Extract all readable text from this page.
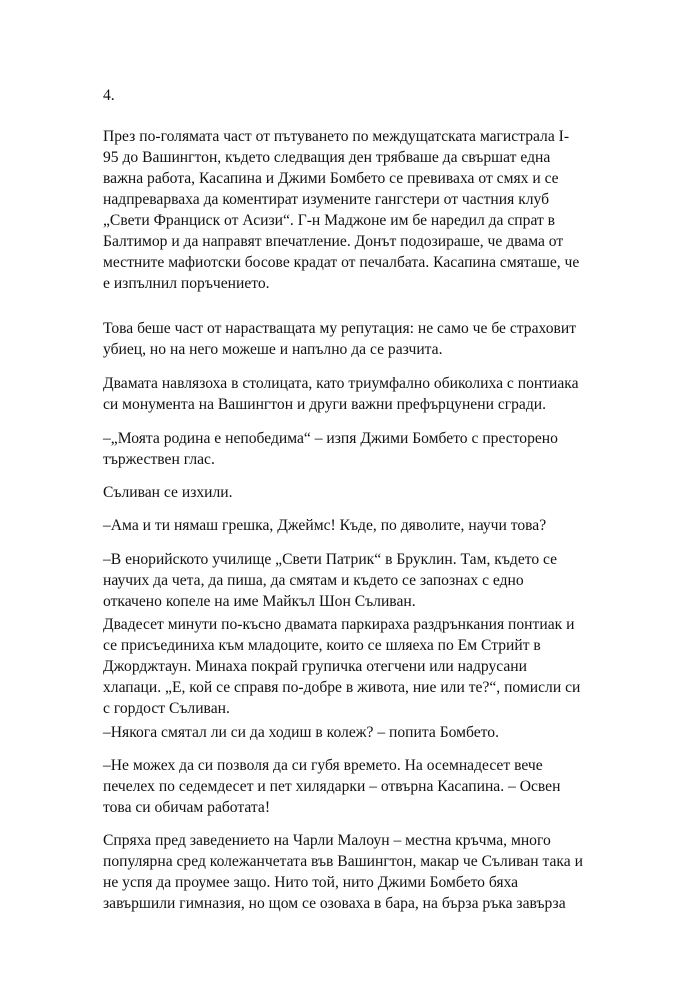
4.
През по-голямата част от пътуването по междущатската магистрала I-
95 до Вашингтон, където следващия ден трябваше да свършат една
важна работа, Касапина и Джими Бомбето се превиваха от смях и се
надпреварваха да коментират изумените гангстери от частния клуб
„Свети Франциск от Асизи“. Г-н Маджоне им бе наредил да спрат в
Балтимор и да направят впечатление. Донът подозираше, че двама от
местните мафиотски босове крадат от печалбата. Касапина смяташе, че
е изпълнил поръчението.
Това беше част от нарастващата му репутация: не само че бе страховит
убиец, но на него можеше и напълно да се разчита.
Двамата навлязоха в столицата, като триумфално обиколиха с понтиака
си монумента на Вашингтон и други важни префърцунени сгради.
–„Моята родина е непобедима“ – изпя Джими Бомбето с престорено
тържествен глас.
Съливан се изхили.
–Ама и ти нямаш грешка, Джеймс! Къде, по дяволите, научи това?
–В енорийското училище „Свети Патрик“ в Бруклин. Там, където се
научих да чета, да пиша, да смятам и където се запознах с едно
откачено копеле на име Майкъл Шон Съливан.
Двадесет минути по-късно двамата паркираха раздрънкания понтиак и
се присъединиха към младоците, които се шляеха по Ем Стрийт в
Джорджтаун. Минаха покрай групичка отегчени или надрусани
хлапаци. „Е, кой се справя по-добре в живота, ние или те?“, помисли си
с гордост Съливан.
–Някога смятал ли си да ходиш в колеж? – попита Бомбето.
–Не можех да си позволя да си губя времето. На осемнадесет вече
печелех по седемдесет и пет хилядарки – отвърна Касапина. – Освен
това си обичам работата!
Спряха пред заведението на Чарли Малоун – местна кръчма, много
популярна сред колежанчетата във Вашингтон, макар че Съливан така и
не успя да проумее защо. Нито той, нито Джими Бомбето бяха
завършили гимназия, но щом се озоваха в бара, на бърза ръка завърза
